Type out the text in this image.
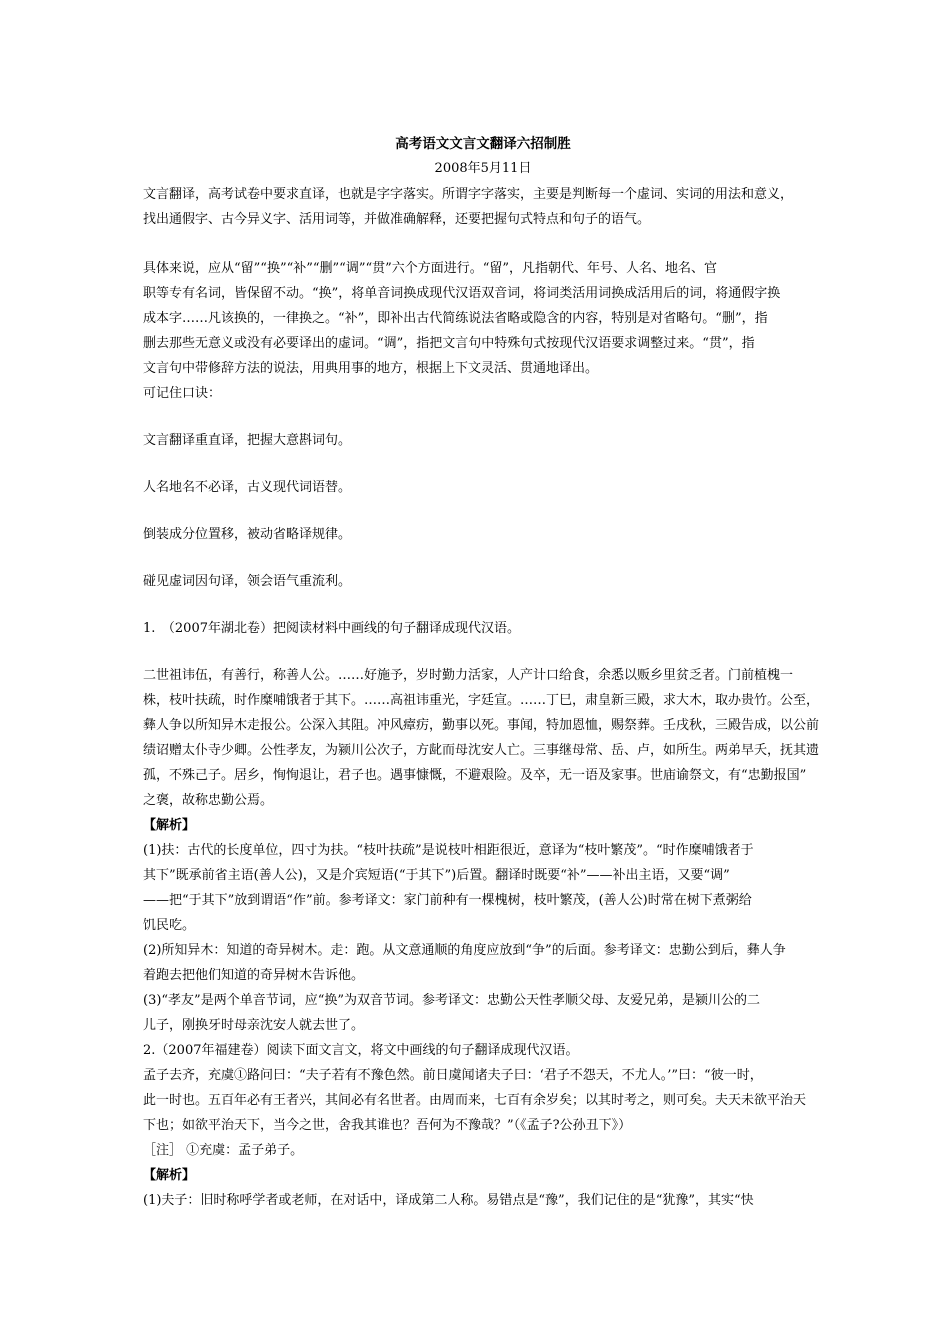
高考语文文言文翻译六招制胜
2008年5月11日
文言翻译，高考试卷中要求直译，也就是字字落实。所谓字字落实，主要是判断每一个虚词、实词的用法和意义，
找出通假字、古今异义字、活用词等，并做准确解释，还要把握句式特点和句子的语气。
具体来说，应从“留”“换”“补”“删”“调”“贯”六个方面进行。“留”，凡指朝代、年号、人名、地名、官
职等专有名词，皆保留不动。“换”，将单音词换成现代汉语双音词，将词类活用词换成活用后的词，将通假字换
成本字……凡该换的，一律换之。“补”，即补出古代简练说法省略或隐含的内容，特别是对省略句。“删”，指
删去那些无意义或没有必要译出的虚词。“调”，指把文言句中特殊句式按现代汉语要求调整过来。“贯”，指
文言句中带修辞方法的说法，用典用事的地方，根据上下文灵活、贯通地译出。
可记住口诀：
文言翻译重直译，把握大意斟词句。
人名地名不必译，古义现代词语替。
倒装成分位置移，被动省略译规律。
碰见虚词因句译，领会语气重流利。
1.　（2007年湖北卷）把阅读材料中画线的句子翻译成现代汉语。
二世祖讳伍，有善行，称善人公。……好施予，岁时勤力活家，人产计口给食，余悉以贩乡里贫乏者。门前植槐一
株，枝叶扶疏，时作糜哺饿者于其下。……高祖讳重光，字廷宣。……丁巳，肃皇新三殿，求大木，取办贵竹。公至，
彝人争以所知异木走报公。公深入其阻。冲风瘴疠，勤事以死。事闻，特加恩恤，赐祭葬。壬戌秋，三殿告成，以公前
绩诏赠太仆寺少卿。公性孝友，为颍川公次子，方龀而母沈安人亡。三事继母常、岳、卢，如所生。两弟早夭，抚其遗
孤，不殊己子。居乡，恂恂退让，君子也。遇事慷慨，不避艰险。及卒，无一语及家事。世庙谕祭文，有“忠勤报国”
之褒，故称忠勤公焉。
【解析】
(1)扶：古代的长度单位，四寸为扶。“枝叶扶疏”是说枝叶相距很近，意译为“枝叶繁茂”。“时作糜哺饿者于
其下”既承前省主语(善人公)，又是介宾短语(“于其下”)后置。翻译时既要“补”——补出主语，又要“调”
——把“于其下”放到谓语“作”前。参考译文：家门前种有一棵槐树，枝叶繁茂，(善人公)时常在树下煮粥给
饥民吃。
(2)所知异木：知道的奇异树木。走：跑。从文意通顺的角度应放到“争”的后面。参考译文：忠勤公到后，彝人争
着跑去把他们知道的奇异树木告诉他。
(3)“孝友”是两个单音节词，应“换”为双音节词。参考译文：忠勤公天性孝顺父母、友爱兄弟，是颍川公的二
儿子，刚换牙时母亲沈安人就去世了。
2.（2007年福建卷）阅读下面文言文，将文中画线的句子翻译成现代汉语。
孟子去齐，充虞①路问曰：“夫子若有不豫色然。前日虞闻诸夫子曰：‘君子不怨天，不尤人。’”曰：“彼一时，
此一时也。五百年必有王者兴，其间必有名世者。由周而来，七百有余岁矣；以其时考之，则可矣。夫天未欲平治天
下也；如欲平治天下，当今之世，舍我其谁也？吾何为不豫哉？”（《孟子?公孙丑下》）
［注］ ①充虞：孟子弟子。
【解析】
(1)夫子：旧时称呼学者或老师，在对话中，译成第二人称。易错点是“豫”，我们记住的是“犹豫”，其实“快
